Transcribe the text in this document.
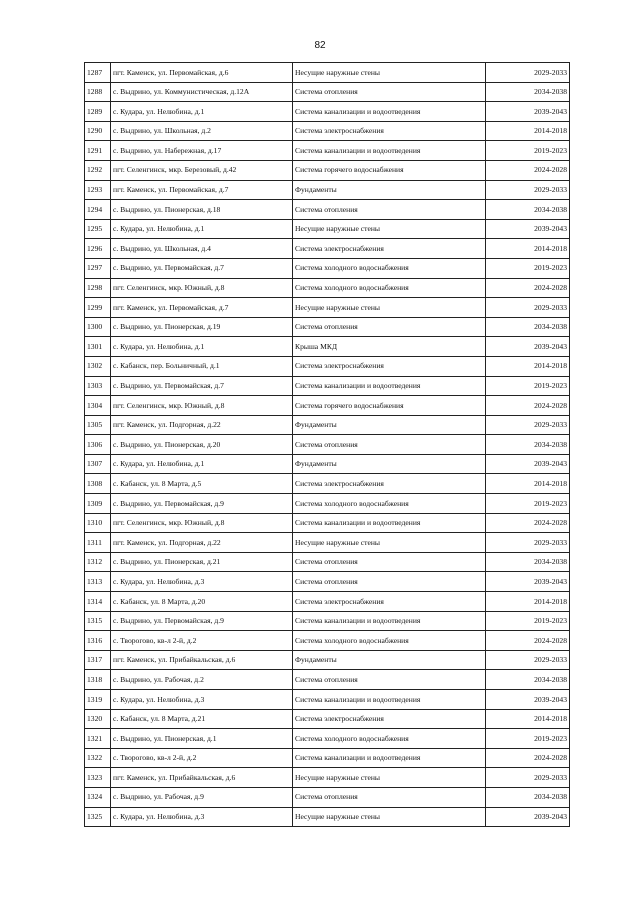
82
1287	пгт. Каменск, ул. Первомайская, д.6	Несущие наружные стены	2029-2033
1288	с. Выдрино, ул. Коммунистическая, д.12А	Система отопления	2034-2038
1289	с. Кудара, ул. Нелюбина, д.1	Система канализации и водоотведения	2039-2043
1290	с. Выдрино, ул. Школьная, д.2	Система электроснабжения	2014-2018
1291	с. Выдрино, ул. Набережная, д.17	Система канализации и водоотведения	2019-2023
1292	пгт. Селенгинск, мкр. Березовый, д.42	Система горячего водоснабжения	2024-2028
1293	пгт. Каменск, ул. Первомайская, д.7	Фундаменты	2029-2033
1294	с. Выдрино, ул. Пионерская, д.18	Система отопления	2034-2038
1295	с. Кудара, ул. Нелюбина, д.1	Несущие наружные стены	2039-2043
1296	с. Выдрино, ул. Школьная, д.4	Система электроснабжения	2014-2018
1297	с. Выдрино, ул. Первомайская, д.7	Система холодного водоснабжения	2019-2023
1298	пгт. Селенгинск, мкр. Южный, д.8	Система холодного водоснабжения	2024-2028
1299	пгт. Каменск, ул. Первомайская, д.7	Несущие наружные стены	2029-2033
1300	с. Выдрино, ул. Пионерская, д.19	Система отопления	2034-2038
1301	с. Кудара, ул. Нелюбина, д.1	Крыша МКД	2039-2043
1302	с. Кабанск, пер. Больничный, д.1	Система электроснабжения	2014-2018
1303	с. Выдрино, ул. Первомайская, д.7	Система канализации и водоотведения	2019-2023
1304	пгт. Селенгинск, мкр. Южный, д.8	Система горячего водоснабжения	2024-2028
1305	пгт. Каменск, ул. Подгорная, д.22	Фундаменты	2029-2033
1306	с. Выдрино, ул. Пионерская, д.20	Система отопления	2034-2038
1307	с. Кудара, ул. Нелюбина, д.1	Фундаменты	2039-2043
1308	с. Кабанск, ул. 8 Марта, д.5	Система электроснабжения	2014-2018
1309	с. Выдрино, ул. Первомайская, д.9	Система холодного водоснабжения	2019-2023
1310	пгт. Селенгинск, мкр. Южный, д.8	Система канализации и водоотведения	2024-2028
1311	пгт. Каменск, ул. Подгорная, д.22	Несущие наружные стены	2029-2033
1312	с. Выдрино, ул. Пионерская, д.21	Система отопления	2034-2038
1313	с. Кудара, ул. Нелюбина, д.3	Система отопления	2039-2043
1314	с. Кабанск, ул. 8 Марта, д.20	Система электроснабжения	2014-2018
1315	с. Выдрино, ул. Первомайская, д.9	Система канализации и водоотведения	2019-2023
1316	с. Творогово, кв-л 2-й, д.2	Система холодного водоснабжения	2024-2028
1317	пгт. Каменск, ул. Прибайкальская, д.6	Фундаменты	2029-2033
1318	с. Выдрино, ул. Рабочая, д.2	Система отопления	2034-2038
1319	с. Кудара, ул. Нелюбина, д.3	Система канализации и водоотведения	2039-2043
1320	с. Кабанск, ул. 8 Марта, д.21	Система электроснабжения	2014-2018
1321	с. Выдрино, ул. Пионерская, д.1	Система холодного водоснабжения	2019-2023
1322	с. Творогово, кв-л 2-й, д.2	Система канализации и водоотведения	2024-2028
1323	пгт. Каменск, ул. Прибайкальская, д.6	Несущие наружные стены	2029-2033
1324	с. Выдрино, ул. Рабочая, д.9	Система отопления	2034-2038
1325	с. Кудара, ул. Нелюбина, д.3	Несущие наружные стены	2039-2043
